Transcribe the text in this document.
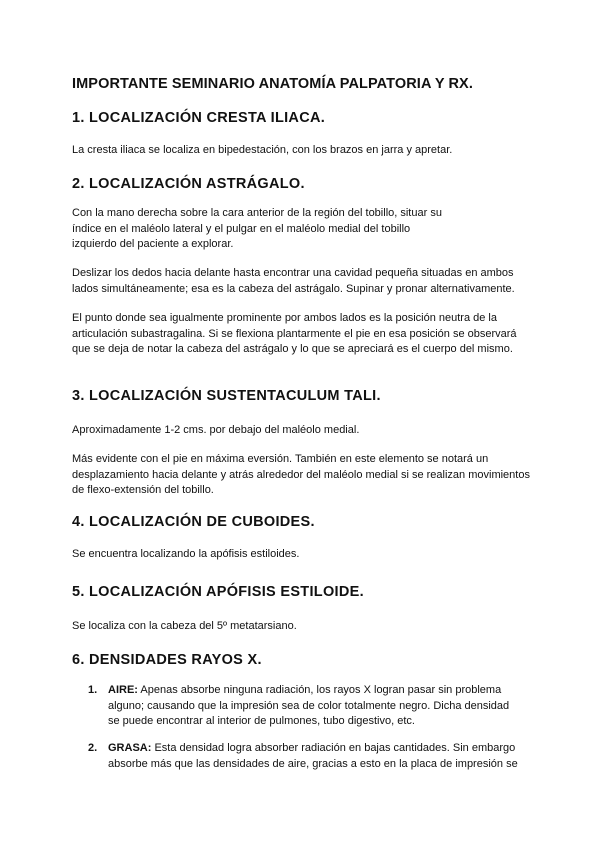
IMPORTANTE SEMINARIO ANATOMÍA PALPATORIA Y RX.
1. LOCALIZACIÓN CRESTA ILIACA.

La cresta iliaca se localiza en bipedestación, con los brazos en jarra y apretar.

2. LOCALIZACIÓN ASTRÁGALO.

Con la mano derecha sobre la cara anterior de la región del tobillo, situar su índice en el maléolo lateral y el pulgar en el maléolo medial del tobillo izquierdo del paciente a explorar.

Deslizar los dedos hacia delante hasta encontrar una cavidad pequeña situadas en ambos lados simultáneamente; esa es la cabeza del astrágalo. Supinar y pronar alternativamente.

El punto donde sea igualmente prominente por ambos lados es la posición neutra de la articulación subastragalina. Si se flexiona plantarmente el pie en esa posición se observará que se deja de notar la cabeza del astrágalo y lo que se apreciará es el cuerpo del mismo.

3. LOCALIZACIÓN SUSTENTACULUM TALI.

Aproximadamente 1-2 cms. por debajo del maléolo medial.

Más evidente con el pie en máxima eversión. También en este elemento se notará un desplazamiento hacia delante y atrás alrededor del maléolo medial si se realizan movimientos de flexo-extensión del tobillo.

4. LOCALIZACIÓN DE CUBOIDES.

Se encuentra localizando la apófisis estiloides.

5. LOCALIZACIÓN APÓFISIS ESTILOIDE.

Se localiza con la cabeza del 5º metatarsiano.

6. DENSIDADES RAYOS X.
1. AIRE: Apenas absorbe ninguna radiación, los rayos X logran pasar sin problema alguno; causando que la impresión sea de color totalmente negro. Dicha densidad se puede encontrar al interior de pulmones, tubo digestivo, etc.
2. GRASA: Esta densidad logra absorber radiación en bajas cantidades. Sin embargo absorbe más que las densidades de aire, gracias a esto en la placa de impresión se
